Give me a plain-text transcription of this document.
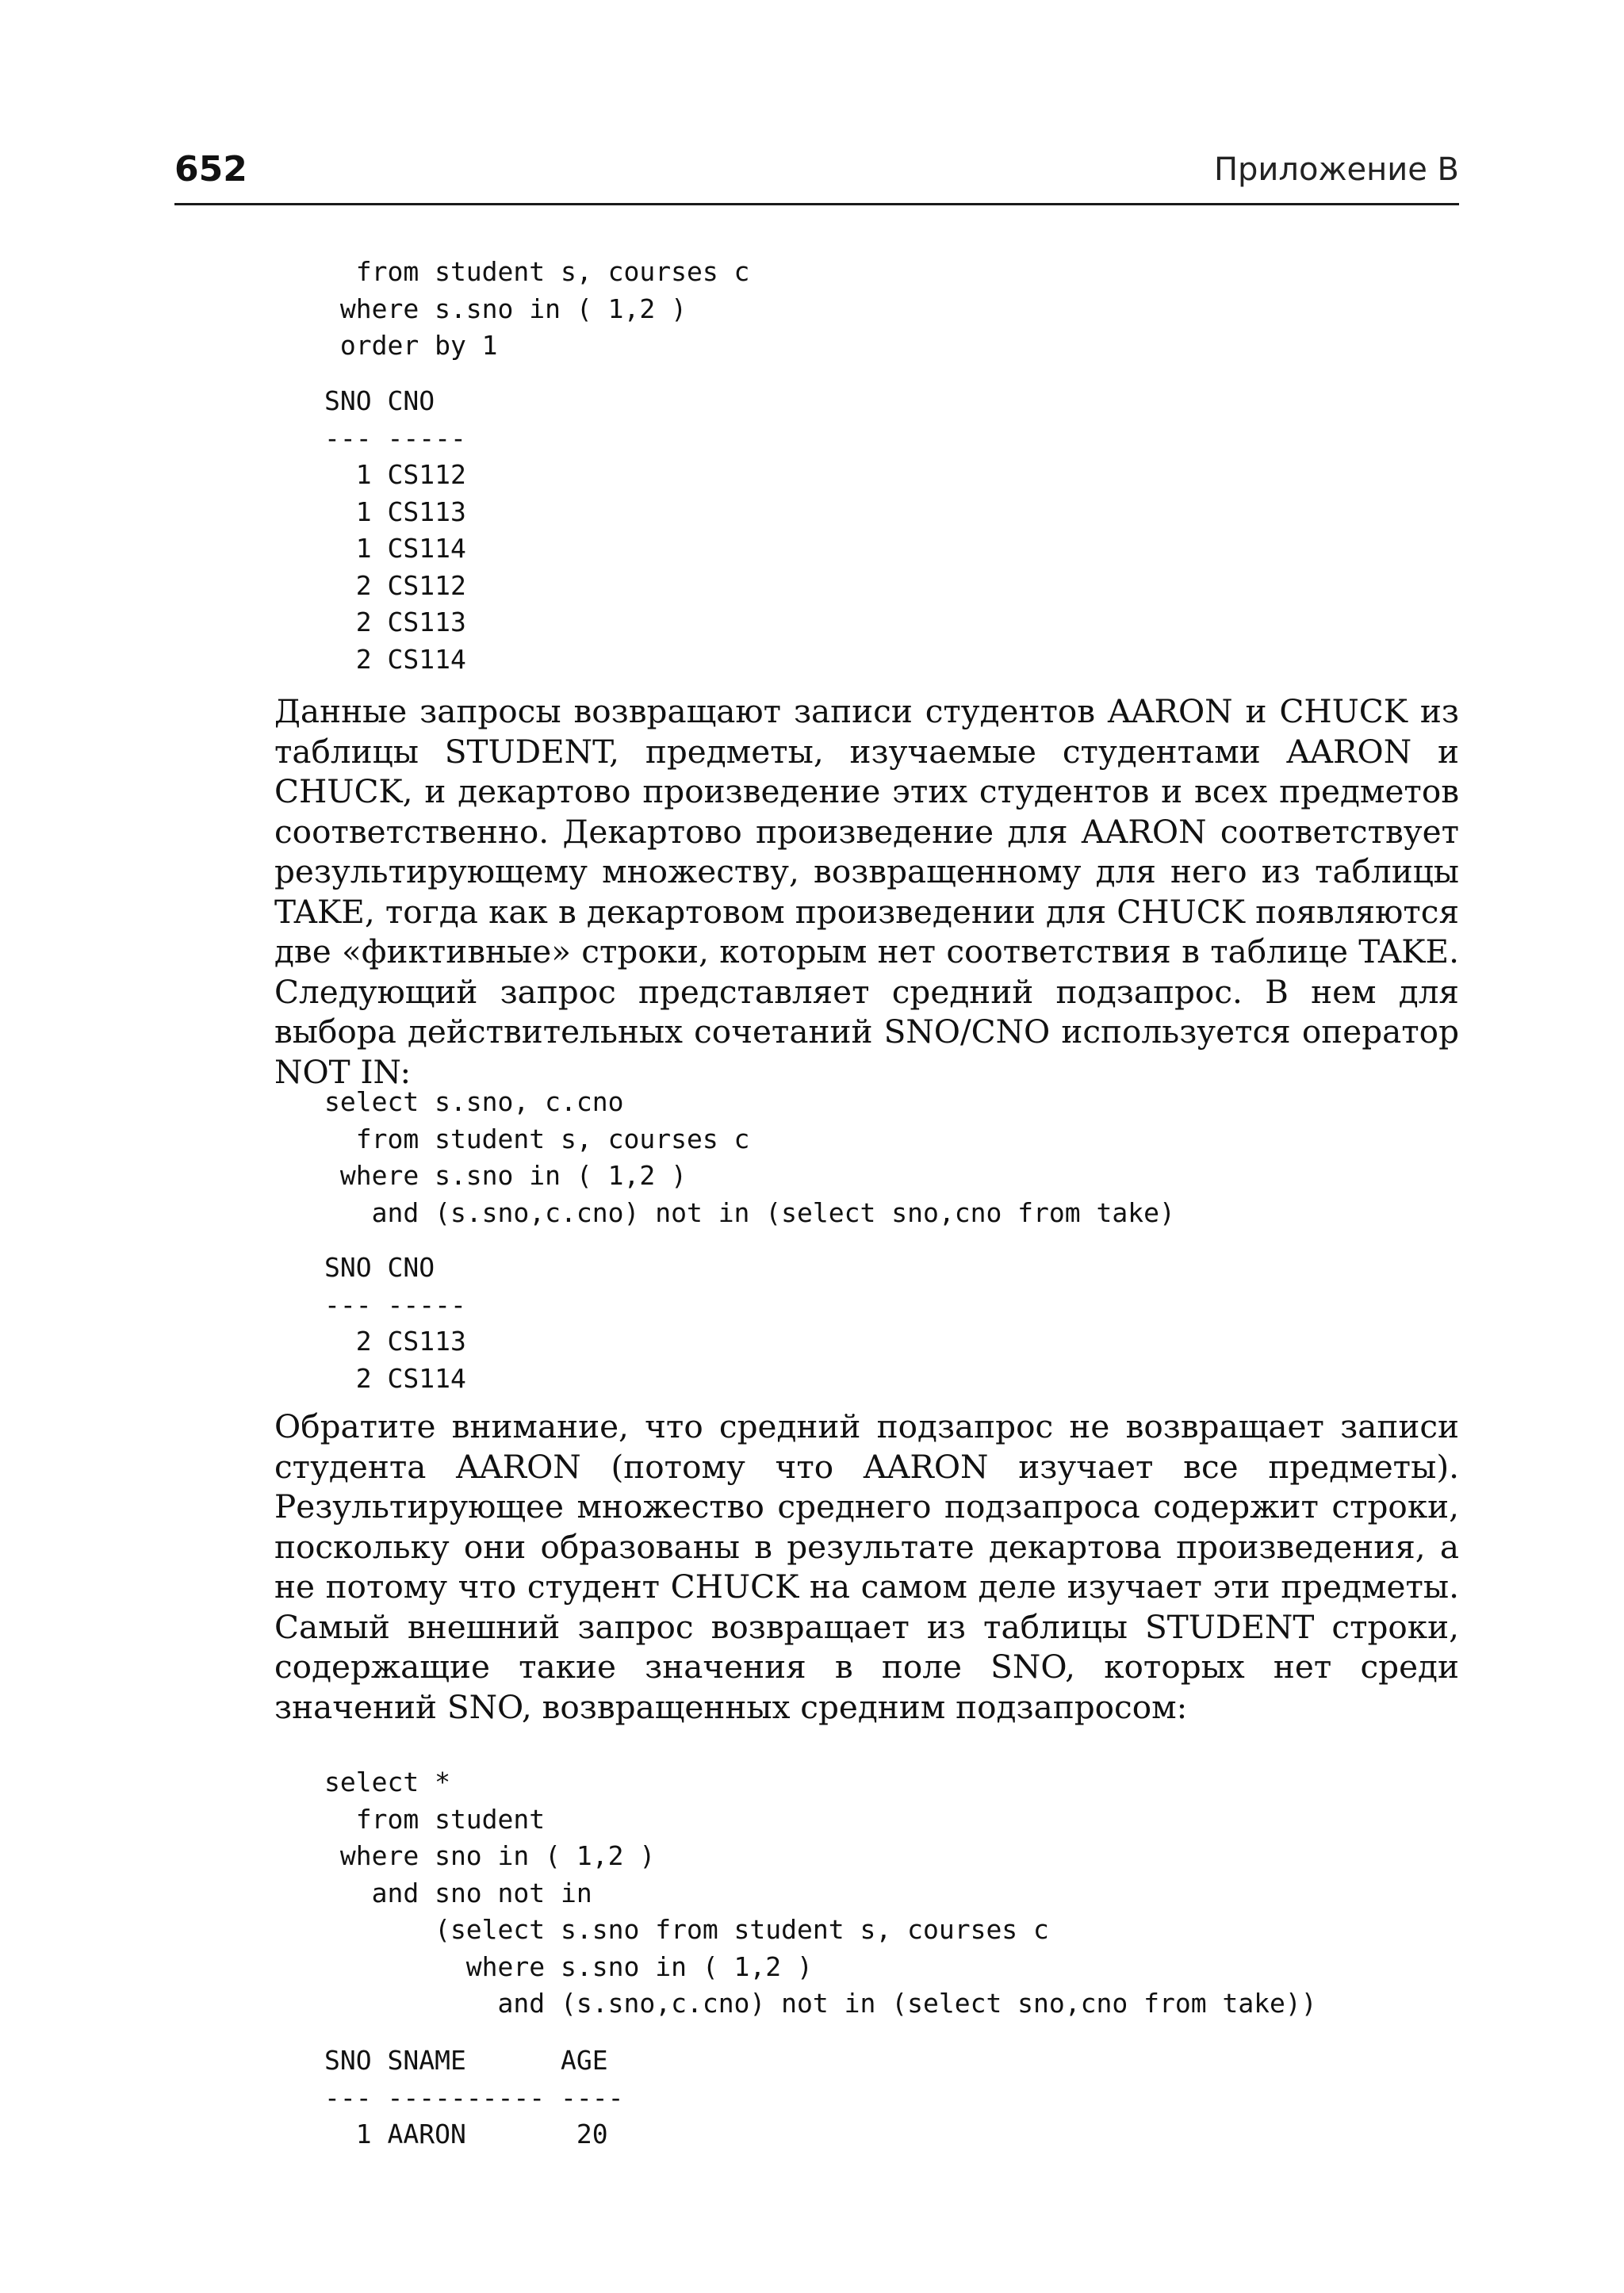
652	Приложение В
from student s, courses c
where s.sno in ( 1,2 )
order by 1
SNO CNO
--- -----
1 CS112
1 CS113
1 CS114
2 CS112
2 CS113
2 CS114

Данные запросы возвращают записи студентов AARON и CHUCK из таблицы STUDENT, предметы, изучаемые студентами AARON и CHUCK, и декартово произведение этих студентов и всех предметов соответственно. Декартово произведение для AARON соответствует результирующему множеству, возвращенному для него из таблицы TAKE, тогда как в декартовом произведении для CHUCK появляются две «фиктивные» строки, которым нет соответствия в таблице TAKE. Следующий запрос представляет средний подзапрос. В нем для выбора действительных сочетаний SNO/CNO используется оператор NOT IN:

select s.sno, c.cno
from student s, courses c
where s.sno in ( 1,2 )
and (s.sno,c.cno) not in (select sno,cno from take)
SNO CNO
--- -----
2 CS113
2 CS114

Обратите внимание, что средний подзапрос не возвращает записи студента AARON (потому что AARON изучает все предметы). Результирующее множество среднего подзапроса содержит строки, поскольку они образованы в результате декартова произведения, а не потому что студент CHUCK на самом деле изучает эти предметы. Самый внешний запрос возвращает из таблицы STUDENT строки, содержащие такие значения в поле SNO, которых нет среди значений SNO, возвращенных средним подзапросом:

select *
from student
where sno in ( 1,2 )
and sno not in
(select s.sno from student s, courses c
where s.sno in ( 1,2 )
and (s.sno,c.cno) not in (select sno,cno from take))
SNO SNAME      AGE
--- ---------- ----
1 AARON       20
